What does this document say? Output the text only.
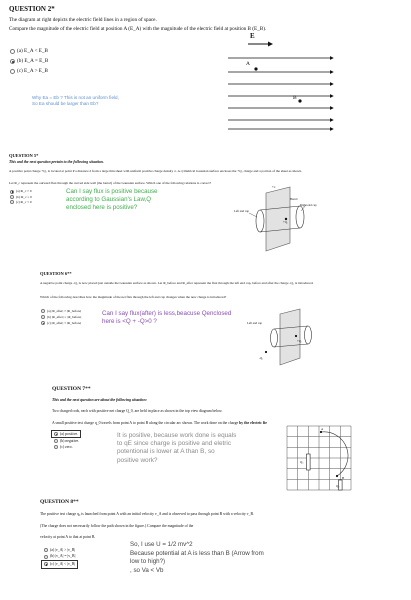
QUESTION 2*
The diagram at right depicts the electric field lines in a region of space.
Compare the magnitude of the electric field at position A (E_A) with the magnitude of the electric field at position B (E_B).
(a) E_A < E_B
(b) E_A = E_B
(c) E_A > E_B
Why Ea = Eb ? This is not an uniform field, So Ea should be larger than Eb?
E
A
B
QUESTION 5*
This and the next question pertain to the following situation.
A positive point charge +Q₁ is located at point P a distance d from a large thin sheet with uniform positive charge density σ. A cylindrical Gaussian surface encloses the +Q₁ charge and a portion of the sheet as shown.
Let Φ_c represent the outward flux through the curved side wall (the barrel) of the Gaussian surface. Which one of the following relations is correct?
(a) Φ_c > 0
(b) Φ_c = 0
(c) Φ_c < 0
Can I say flux is positive because according to Gaussian's Law,Q enclosed here is positive?
+σ
Barrel
Right end cap
Left end cap
+Q₁
QUESTION 6**
A negative point charge -Q₂ is now placed just outside the Gaussian surface as shown. Let Φ_before and Φ_after represent the flux through the left end cap, before and after the charge -Q₂ is introduced.
Which of the following describes how the magnitude of the net flux through the left end cap changes when the new charge is introduced?
(a) |Φ_after| > |Φ_before|
(b) |Φ_after| = |Φ_before|
(c) |Φ_after| < |Φ_before|
Can I say flux(after) is less,beacuse Qenclosed here is <Q + -Q>0 ?	Left end cap
+Q₁
-Q₂
QUESTION 7**
This and the next question are about the following situation:
Two charged rods, each with positive net charge Q_0, are held in place as shown in the top view diagram below.
A small positive test charge q_0 travels from point A to point B along the circular arc shown. The work done on the charge by the electric fie
(a) positive.
(b) negative.
(c) zero.
It is positive, because work done is equals to qE since charge is positive and eletric potentional is lower at A than B, so positive work?
A
B
Q₀
Q₀
QUESTION 8**
The positive test charge q₀ is launched from point A with an initial velocity v_A and is observed to pass through point B with a velocity v_B.
(The charge does not necessarily follow the path shown in the figure.) Compare the magnitude of the
velocity at point A to that at point B.
(a) |v_A| > |v_B|
(b) |v_A| = |v_B|
(c) |v_A| < |v_B|
So, I use U = 1/2 mv^2
Because potential at A is less than B (Arrow from
low to high?)
, so Va < Vb
